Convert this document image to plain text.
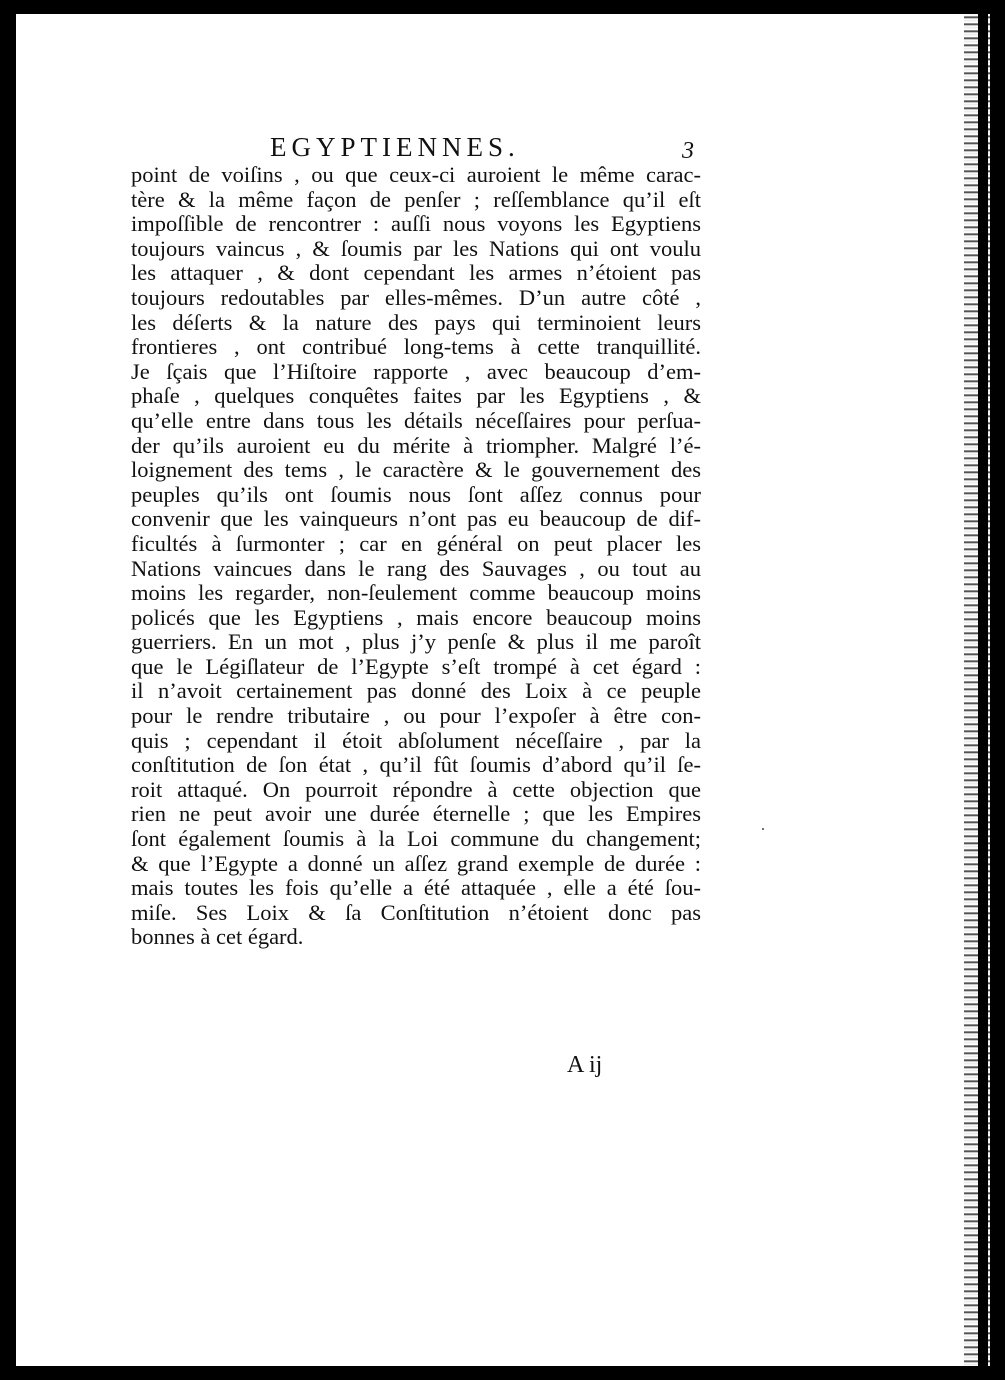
EGYPTIENNES.	3
point de voiſins , ou que ceux-ci auroient le même carac-
tère & la même façon de penſer ; reſſemblance qu’il eſt
impoſſible de rencontrer : auſſi nous voyons les Egyptiens
toujours vaincus , & ſoumis par les Nations qui ont voulu
les attaquer , & dont cependant les armes n’étoient pas
toujours redoutables par elles-mêmes. D’un autre côté ,
les déſerts & la nature des pays qui terminoient leurs
frontieres , ont contribué long-tems à cette tranquillité.
Je ſçais que l’Hiſtoire rapporte , avec beaucoup d’em-
phaſe , quelques conquêtes faites par les Egyptiens , &
qu’elle entre dans tous les détails néceſſaires pour perſua-
der qu’ils auroient eu du mérite à triompher. Malgré l’é-
loignement des tems , le caractère & le gouvernement des
peuples qu’ils ont ſoumis nous ſont aſſez connus pour
convenir que les vainqueurs n’ont pas eu beaucoup de dif-
ficultés à ſurmonter ; car en général on peut placer les
Nations vaincues dans le rang des Sauvages , ou tout au
moins les regarder, non-ſeulement comme beaucoup moins
policés que les Egyptiens , mais encore beaucoup moins
guerriers. En un mot , plus j’y penſe & plus il me paroît
que le Légiſlateur de l’Egypte s’eſt trompé à cet égard :
il n’avoit certainement pas donné des Loix à ce peuple
pour le rendre tributaire , ou pour l’expoſer à être con-
quis ; cependant il étoit abſolument néceſſaire , par la
conſtitution de ſon état , qu’il fût ſoumis d’abord qu’il ſe-
roit attaqué. On pourroit répondre à cette objection que
rien ne peut avoir une durée éternelle ; que les Empires
ſont également ſoumis à la Loi commune du changement;
& que l’Egypte a donné un aſſez grand exemple de durée :
mais toutes les fois qu’elle a été attaquée , elle a été ſou-
miſe. Ses Loix & ſa Conſtitution n’étoient donc pas
bonnes à cet égard.
A ij
